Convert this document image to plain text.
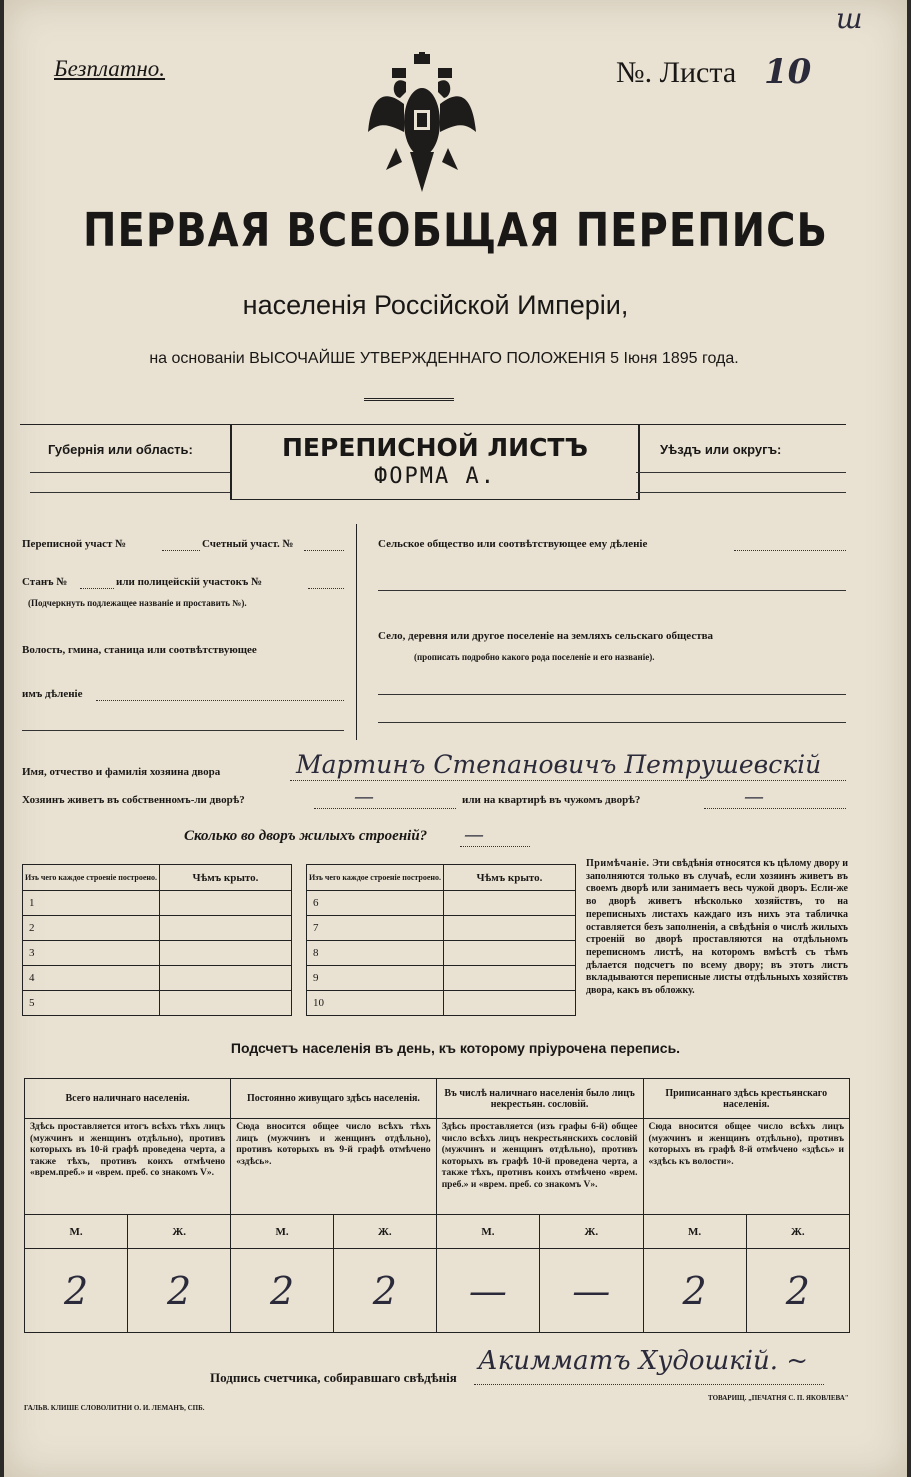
Безплатно.	№. Листа 10
ш
ПЕРВАЯ ВСЕОБЩАЯ ПЕРЕПИСЬ
населенія Россійской Имперіи,
на основаніи ВЫСОЧАЙШЕ УТВЕРЖДЕННАГО ПОЛОЖЕНІЯ 5 Іюня 1895 года.
ПЕРЕПИСНОЙ ЛИСТЪ
ФОРМА А.
Губернія или область:	Уѣздъ или округъ:
Переписной участ №	Счетный участ. №
Станъ №	или полицейскій участокъ №
(Подчеркнуть подлежащее названіе и проставить №).
Волость, гмина, станица или соотвѣтствующее
имъ дѣленіе
Сельское общество или соотвѣтствующее ему дѣленіе
Село, деревня или другое поселеніе на земляхъ сельскаго общества
(прописать подробно какого рода поселеніе и его названіе).
Имя, отчество и фамилія хозяина двора	Мартинъ Степановичъ Петрушевскій
Хозяинъ живетъ въ собственномъ-ли дворѣ?	—	или на квартирѣ въ чужомъ дворѣ?	—
Сколько во дворъ жилыхъ строеній? —
Изъ чего каждое строеніе построено.	Чѣмъ крыто.
1	
2	
3	
4	
5	
Изъ чего каждое строеніе построено.	Чѣмъ крыто.
6	
7	
8	
9	
10	
Примѣчаніе. Эти свѣдѣнія относятся къ цѣлому двору и заполняются только въ случаѣ, если хозяинъ живетъ въ своемъ дворѣ или занимаетъ весь чужой дворъ. Если-же во дворѣ живетъ нѣсколько хозяйствъ, то на переписныхъ листахъ каждаго изъ нихъ эта табличка оставляется безъ заполненія, а свѣдѣнія о числѣ жилыхъ строеній во дворѣ проставляются на отдѣльномъ переписномъ листѣ, на которомъ вмѣстѣ съ тѣмъ дѣлается подсчетъ по всему двору; въ этотъ листъ вкладываются переписные листы отдѣльныхъ хозяйствъ двора, какъ въ обложку.
Подсчетъ населенія въ день, къ которому пріурочена перепись.
Всего наличнаго населенія.		Постоянно живущаго здѣсь населенія.		Въ числѣ наличнаго населенія было лицъ некрестьян. сословій.		Приписаннаго здѣсь крестьянскаго населенія.	
Здѣсь проставляется итогъ всѣхъ тѣхъ лицъ (мужчинъ и женщинъ отдѣльно), противъ которыхъ въ 10-й графѣ проведена черта, а также тѣхъ, противъ коихъ отмѣчено «врем.преб.» и «врем. преб. со знакомъ V».		Сюда вносится общее число всѣхъ тѣхъ лицъ (мужчинъ и женщинъ отдѣльно), противъ которыхъ въ 9-й графѣ отмѣчено «здѣсь».		Здѣсь проставляется (изъ графы 6-й) общее число всѣхъ лицъ некрестьянскихъ сословій (мужчинъ и женщинъ отдѣльно), противъ которыхъ въ графѣ 10-й проведена черта, а также тѣхъ, противъ коихъ отмѣчено «врем. преб.» и «врем. преб. со знакомъ V».		Сюда вносится общее число всѣхъ лицъ (мужчинъ и женщинъ отдѣльно), противъ которыхъ въ графѣ 8-й отмѣчено «здѣсь» и «здѣсь къ волости».	
М.	Ж.	М.	Ж.	М.	Ж.	М.	Ж.
2	2	2	2	—	—	2	2
Подпись счетчика, собиравшаго свѣдѣнія
Акимматъ Худошкій. ~
ГАЛЬВ. КЛИШЕ СЛОВОЛИТНИ О. И. ЛЕМАНЪ, СПБ.
ТОВАРИЩ. „ПЕЧАТНЯ С. П. ЯКОВЛЕВА"
